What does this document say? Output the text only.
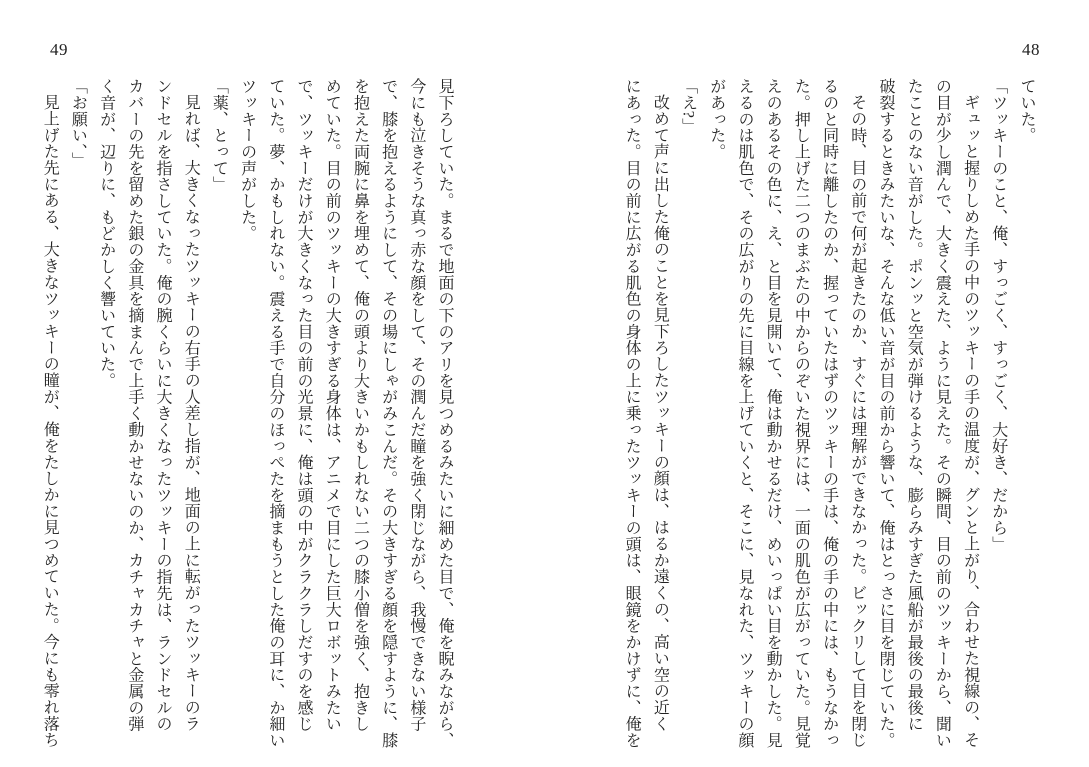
48

ていた。

「ツッキーのこと、俺、すっごく、すっごく、大好き、だから」

ギュッと握りしめた手の中のツッキーの手の温度が、グンと上がり、合わせた視線の、そ

の目が少し潤んで、大きく震えた、ように見えた。その瞬間、目の前のツッキーから、聞い

たことのない音がした。ポンッと空気が弾けるような、膨らみすぎた風船が最後の最後に

破裂するときみたいな、そんな低い音が目の前から響いて、俺はとっさに目を閉じていた。

その時、目の前で何が起きたのか、すぐには理解ができなかった。ビックリして目を閉じ

るのと同時に離したのか、握っていたはずのツッキーの手は、俺の手の中には、もうなかっ

た。押し上げた二つのまぶたの中からのぞいた視界には、一面の肌色が広がっていた。見覚

えのあるその色に、え、と目を見開いて、俺は動かせるだけ、めいっぱい目を動かした。見

えるのは肌色で、その広がりの先に目線を上げていくと、そこに、見なれた、ツッキーの顔

があった。

「え?」

改めて声に出した俺のことを見下ろしたツッキーの顔は、はるか遠くの、高い空の近く

にあった。目の前に広がる肌色の身体の上に乗ったツッキーの頭は、眼鏡をかけずに、俺を

49

見下ろしていた。まるで地面の下のアリを見つめるみたいに細めた目で、俺を睨みながら、

今にも泣きそうな真っ赤な顔をして、その潤んだ瞳を強く閉じながら、我慢できない様子

で、膝を抱えるようにして、その場にしゃがみこんだ。その大きすぎる顔を隠すように、膝

を抱えた両腕に鼻を埋めて、俺の頭より大きいかもしれない二つの膝小僧を強く、抱きし

めていた。目の前のツッキーの大きすぎる身体は、アニメで目にした巨大ロボットみたい

で、ツッキーだけが大きくなった目の前の光景に、俺は頭の中がクラクラしだすのを感じ

ていた。夢、かもしれない。震える手で自分のほっぺたを摘まもうとした俺の耳に、か細い

ツッキーの声がした。

「薬、とって」

見れば、大きくなったツッキーの右手の人差し指が、地面の上に転がったツッキーのラ

ンドセルを指さしていた。俺の腕くらいに大きくなったツッキーの指先は、ランドセルの

カバーの先を留めた銀の金具を摘まんで上手く動かせないのか、カチャカチャと金属の弾

く音が、辺りに、もどかしく響いていた。

「お願い、」

見上げた先にある、大きなツッキーの瞳が、俺をたしかに見つめていた。今にも零れ落ち
